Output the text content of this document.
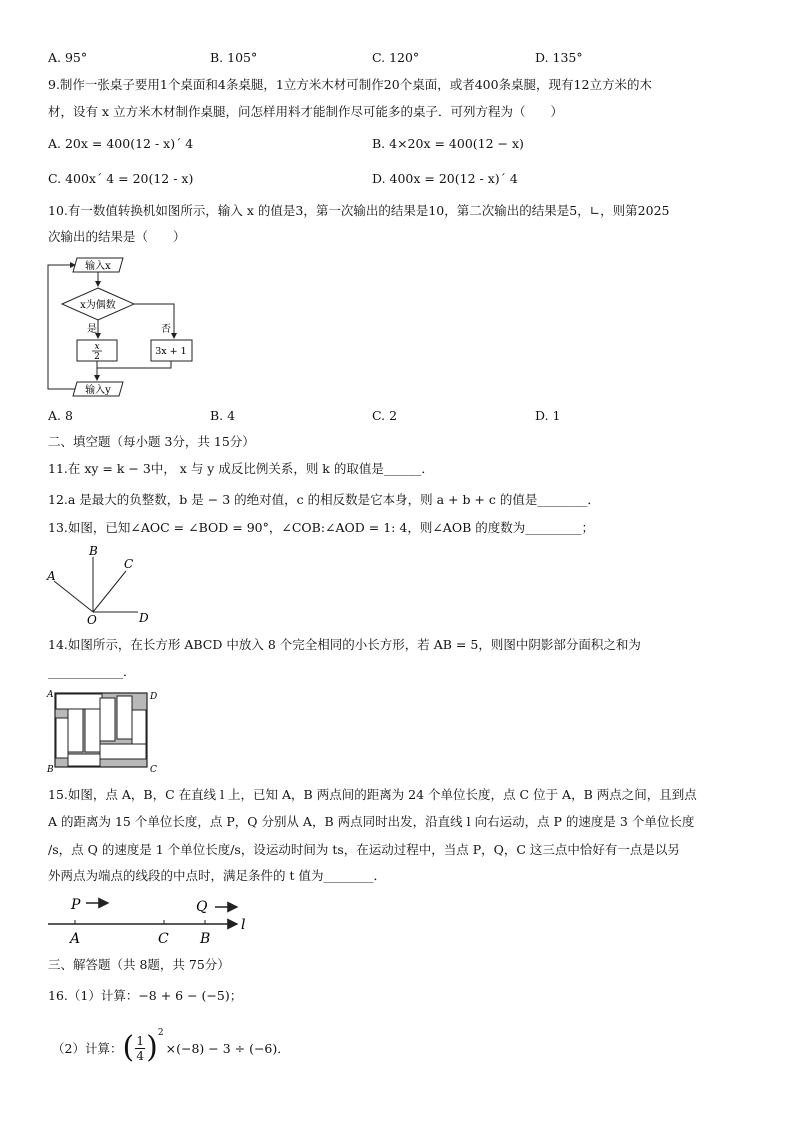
A. 95°	B. 105°	C. 120°	D. 135°
9.制作一张桌子要用1个桌面和4条桌腿，1立方米木材可制作20个桌面，或者400条桌腿，现有12立方米的木
材，设有 x 立方米木材制作桌腿，问怎样用料才能制作尽可能多的桌子．可列方程为（　　）
A. 20x = 400(12 - x)´ 4	B. 4×20x = 400(12 − x)
C. 400x´ 4 = 20(12 - x)	D. 400x = 20(12 - x)´ 4
10.有一数值转换机如图所示，输入 x 的值是3，第一次输出的结果是10，第二次输出的结果是5，∟，则第2025
次输出的结果是（　　）
输入x
x为偶数
是
x
2
否
3x + 1
输入y
A. 8	B. 4	C. 2	D. 1
二、填空题（每小题 3分，共 15分）
11.在 xy = k − 3中， x 与 y 成反比例关系，则 k 的取值是______．
12.a 是最大的负整数，b 是 − 3 的绝对值，c 的相反数是它本身，则 a + b + c 的值是________．
13.如图，已知∠AOC = ∠BOD = 90°，∠COB:∠AOD = 1: 4，则∠AOB 的度数为_________；
A
B
C
O	D
14.如图所示，在长方形 ABCD 中放入 8 个完全相同的小长方形，若 AB = 5，则图中阴影部分面积之和为
____________．
A	D
B	C
15.如图，点 A，B，C 在直线 l 上，已知 A，B 两点间的距离为 24 个单位长度，点 C 位于 A，B 两点之间，且到点
A 的距离为 15 个单位长度，点 P，Q 分别从 A，B 两点同时出发，沿直线 l 向右运动，点 P 的速度是 3 个单位长度
/s，点 Q 的速度是 1 个单位长度/s，设运动时间为 ts，在运动过程中，当点 P，Q，C 这三点中恰好有一点是以另
外两点为端点的线段的中点时，满足条件的 t 值为________．
P	Q
A	C B
l
三、解答题（共 8题，共 75分）
16.（1）计算：−8 + 6 − (−5)；
（2）计算： ( 1
4 ) 2
×(−8) − 3 ÷ (−6)．
